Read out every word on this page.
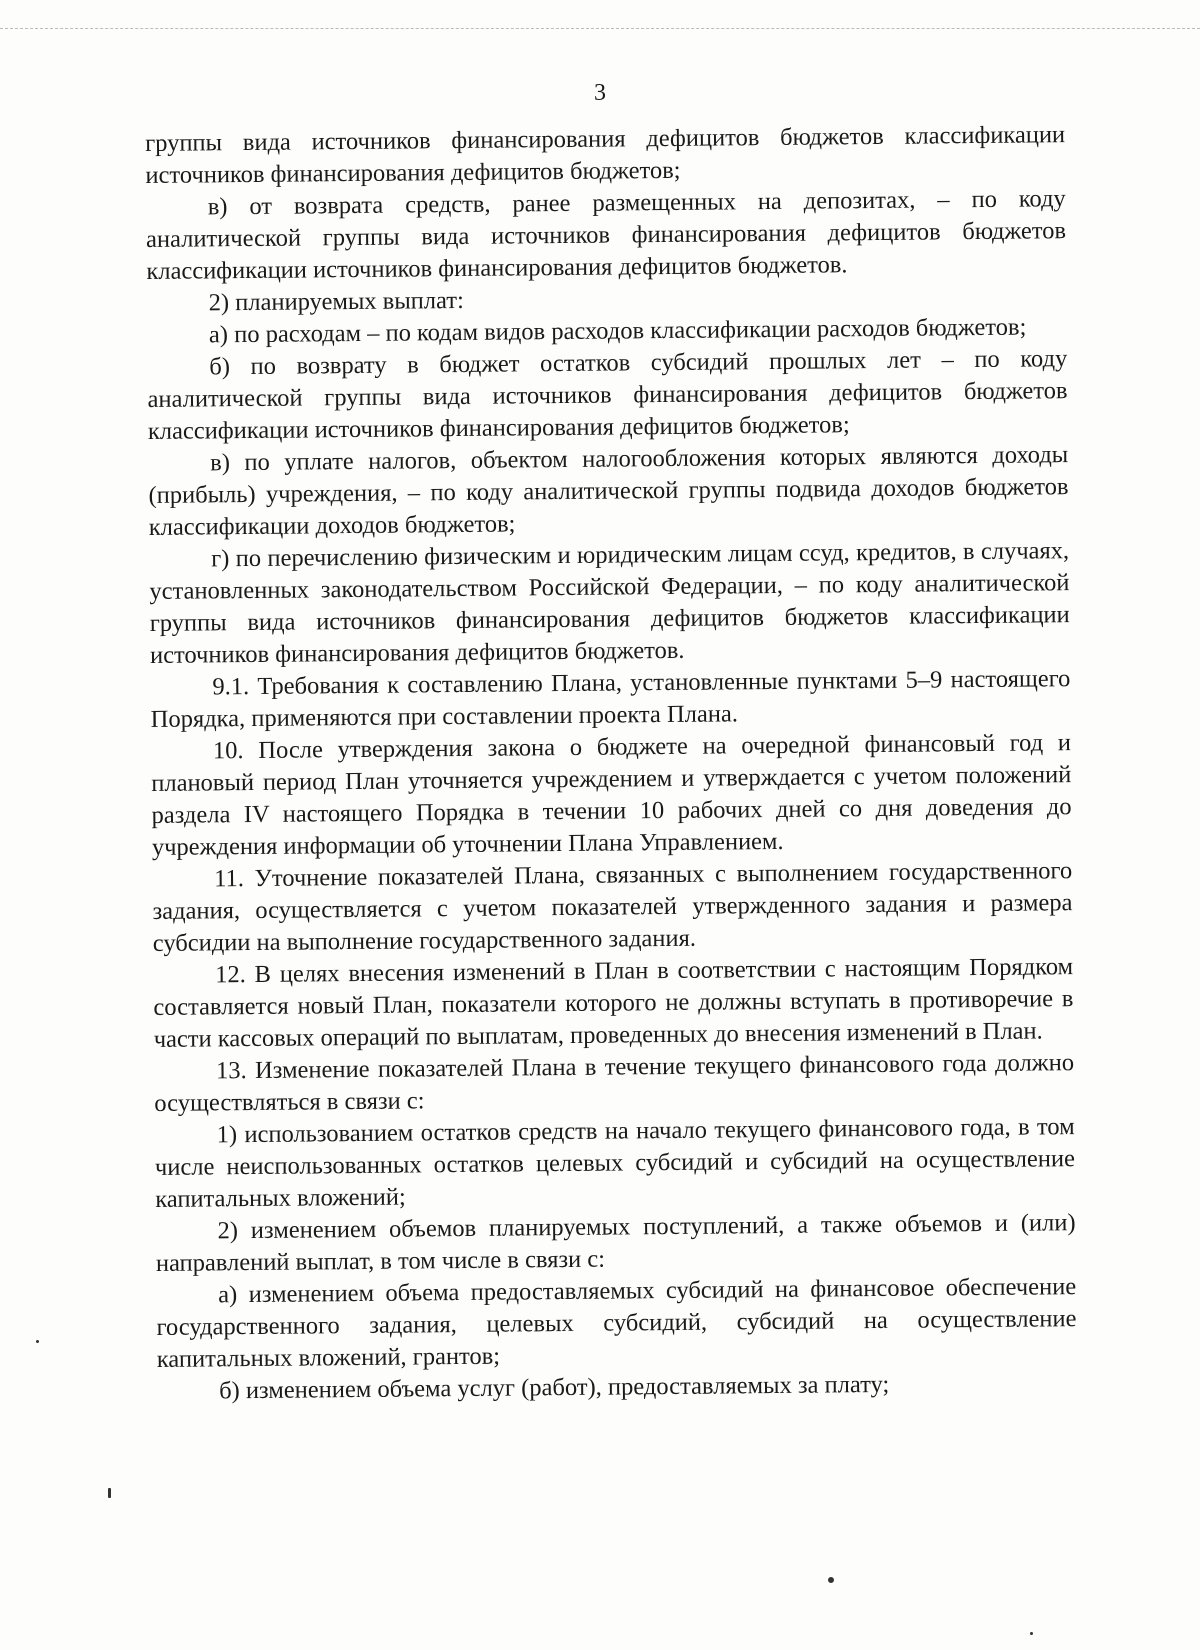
3

группы вида источников финансирования дефицитов бюджетов классификации источников финансирования дефицитов бюджетов;

в) от возврата средств, ранее размещенных на депозитах, – по коду аналитической группы вида источников финансирования дефицитов бюджетов классификации источников финансирования дефицитов бюджетов.

2) планируемых выплат:

а) по расходам – по кодам видов расходов классификации расходов бюджетов;

б) по возврату в бюджет остатков субсидий прошлых лет – по коду аналитической группы вида источников финансирования дефицитов бюджетов классификации источников финансирования дефицитов бюджетов;

в) по уплате налогов, объектом налогообложения которых являются доходы (прибыль) учреждения, – по коду аналитической группы подвида доходов бюджетов классификации доходов бюджетов;

г) по перечислению физическим и юридическим лицам ссуд, кредитов, в случаях, установленных законодательством Российской Федерации, – по коду аналитической группы вида источников финансирования дефицитов бюджетов классификации источников финансирования дефицитов бюджетов.

9.1. Требования к составлению Плана, установленные пунктами 5–9 настоящего Порядка, применяются при составлении проекта Плана.

10. После утверждения закона о бюджете на очередной финансовый год и плановый период План уточняется учреждением и утверждается с учетом положений раздела IV настоящего Порядка в течении 10 рабочих дней со дня доведения до учреждения информации об уточнении Плана Управлением.

11. Уточнение показателей Плана, связанных с выполнением государственного задания, осуществляется с учетом показателей утвержденного задания и размера субсидии на выполнение государственного задания.

12. В целях внесения изменений в План в соответствии с настоящим Порядком составляется новый План, показатели которого не должны вступать в противоречие в части кассовых операций по выплатам, проведенных до внесения изменений в План.

13. Изменение показателей Плана в течение текущего финансового года должно осуществляться в связи с:

1) использованием остатков средств на начало текущего финансового года, в том числе неиспользованных остатков целевых субсидий и субсидий на осуществление капитальных вложений;

2) изменением объемов планируемых поступлений, а также объемов и (или) направлений выплат, в том числе в связи с:

а) изменением объема предоставляемых субсидий на финансовое обеспечение государственного задания, целевых субсидий, субсидий на осуществление капитальных вложений, грантов;

б) изменением объема услуг (работ), предоставляемых за плату;
